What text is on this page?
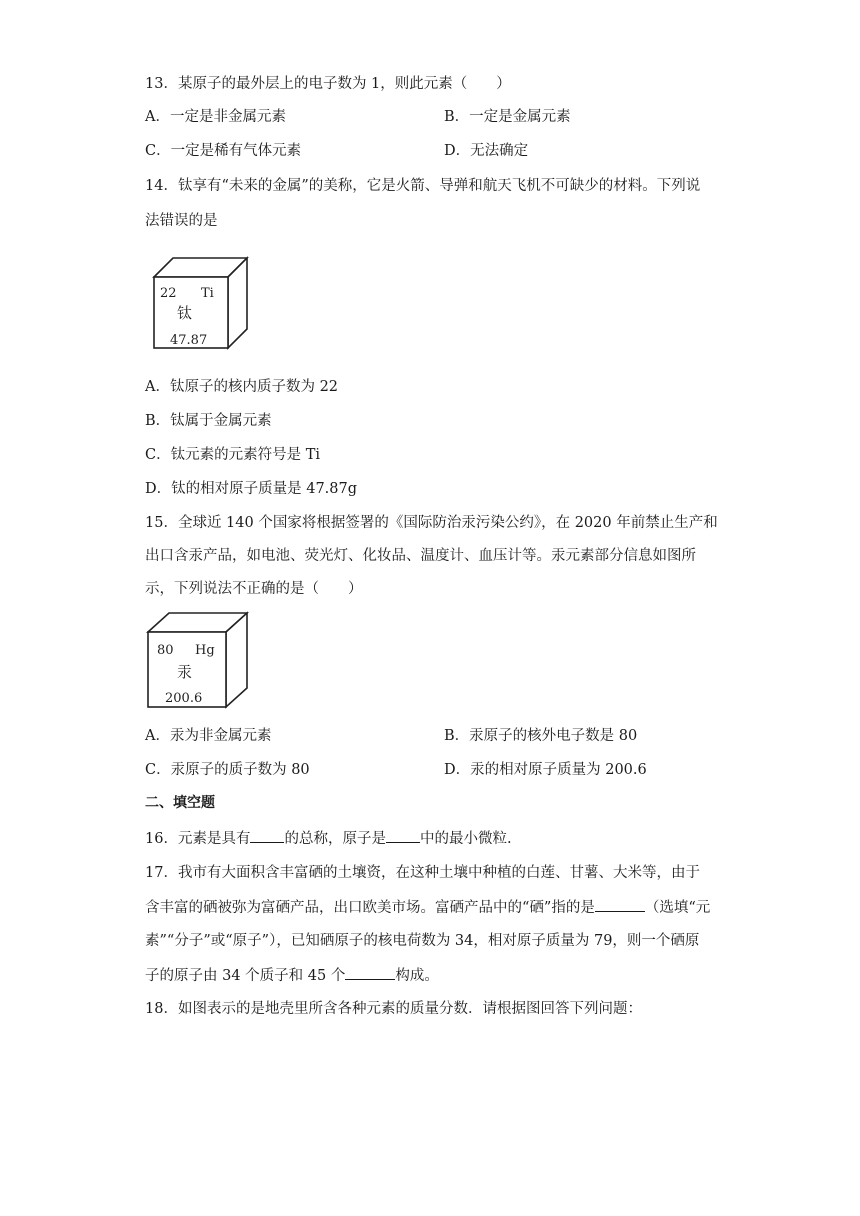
13．某原子的最外层上的电子数为 1，则此元素（　　）
A．一定是非金属元素	B．一定是金属元素
C．一定是稀有气体元素	D．无法确定
14．钛享有“未来的金属”的美称，它是火箭、导弹和航天飞机不可缺少的材料。下列说
法错误的是
22 Ti
钛
47.87
A．钛原子的核内质子数为 22
B．钛属于金属元素
C．钛元素的元素符号是 Ti
D．钛的相对原子质量是 47.87g
15．全球近 140 个国家将根据签署的《国际防治汞污染公约》，在 2020 年前禁止生产和
出口含汞产品，如电池、荧光灯、化妆品、温度计、血压计等。汞元素部分信息如图所
示，下列说法不正确的是（　　）
80 Hg
汞
200.6
A．汞为非金属元素	B．汞原子的核外电子数是 80
C．汞原子的质子数为 80	D．汞的相对原子质量为 200.6
二、填空题
16．元素是具有 的总称，原子是 中的最小微粒.
17．我市有大面积含丰富硒的土壤资，在这种土壤中种植的白莲、甘薯、大米等，由于
含丰富的硒被弥为富硒产品，出口欧美市场。富硒产品中的“硒”指的是	（选填“元
素”“分子”或“原子”），已知硒原子的核电荷数为 34，相对原子质量为 79，则一个硒原
子的原子由 34 个质子和 45 个	构成。
18．如图表示的是地壳里所含各种元素的质量分数．请根据图回答下列问题：
